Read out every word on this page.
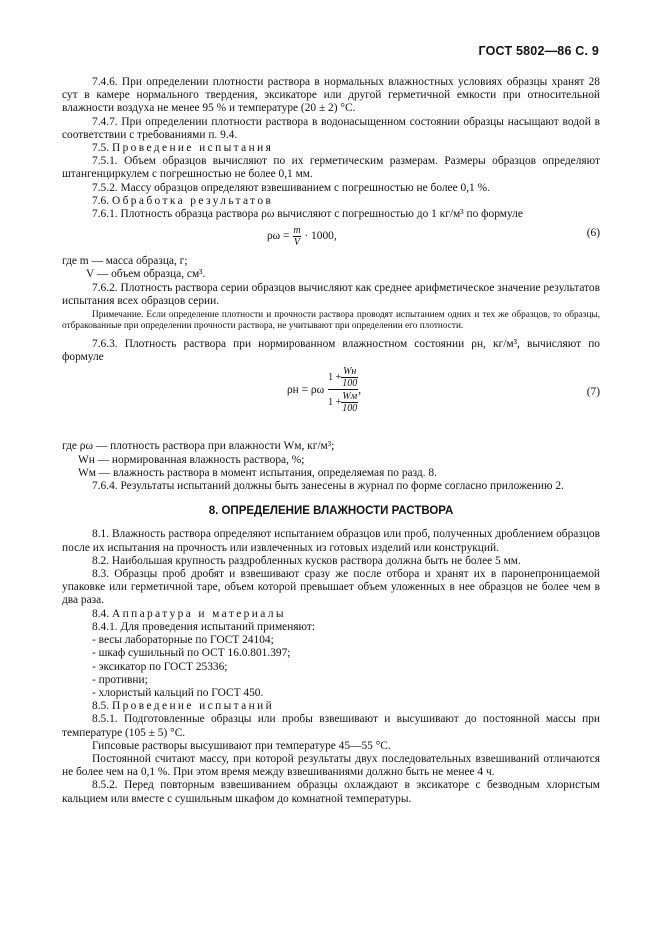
ГОСТ 5802—86 С. 9

7.4.6. При определении плотности раствора в нормальных влажностных условиях образцы хранят 28 сут в камере нормального твердения, эксикаторе или другой герметичной емкости при относительной влажности воздуха не менее 95 % и температуре (20 ± 2) °С.

7.4.7. При определении плотности раствора в водонасыщенном состоянии образцы насыщают водой в соответствии с требованиями п. 9.4.

7.5. Проведение испытания

7.5.1. Объем образцов вычисляют по их герметическим размерам. Размеры образцов определяют штангенциркулем с погрешностью не более 0,1 мм.

7.5.2. Массу образцов определяют взвешиванием с погрешностью не более 0,1 %.

7.6. Обработка результатов

7.6.1. Плотность образца раствора ρω вычисляют с погрешностью до 1 кг/м³ по формуле

$\rho\omega = \frac{m}{V} \cdot 1000$,	(6)

где m — масса образца, г;

V — объем образца, см³.

7.6.2. Плотность раствора серии образцов вычисляют как среднее арифметическое значение результатов испытания всех образцов серии.

Примечание. Если определение плотности и прочности раствора проводят испытанием одних и тех же образцов, то образцы, отбракованные при определении прочности раствора, не учитывают при определении его плотности.

7.6.3. Плотность раствора при нормированном влажностном состоянии ρн, кг/м³, вычисляют по формуле

ρн = ρω
$1 + \frac{Wн}{100}$
$1 + \frac{Wм}{100}$
,	(7)

где ρω — плотность раствора при влажности Wм, кг/м³;

Wн — нормированная влажность раствора, %;

Wм — влажность раствора в момент испытания, определяемая по разд. 8.

7.6.4. Результаты испытаний должны быть занесены в журнал по форме согласно приложению 2.

8. ОПРЕДЕЛЕНИЕ ВЛАЖНОСТИ РАСТВОРА

8.1. Влажность раствора определяют испытанием образцов или проб, полученных дроблением образцов после их испытания на прочность или извлеченных из готовых изделий или конструкций.

8.2. Наибольшая крупность раздробленных кусков раствора должна быть не более 5 мм.

8.3. Образцы проб дробят и взвешивают сразу же после отбора и хранят их в паронепроницаемой упаковке или герметичной таре, объем которой превышает объем уложенных в нее образцов не более чем в два раза.

8.4. Аппаратура и материалы

8.4.1. Для проведения испытаний применяют:

- весы лабораторные по ГОСТ 24104;

- шкаф сушильный по ОСТ 16.0.801.397;

- эксикатор по ГОСТ 25336;

- противни;

- хлористый кальций по ГОСТ 450.

8.5. Проведение испытаний

8.5.1. Подготовленные образцы или пробы взвешивают и высушивают до постоянной массы при температуре (105 ± 5) °С.

Гипсовые растворы высушивают при температуре 45—55 °С.

Постоянной считают массу, при которой результаты двух последовательных взвешиваний отличаются не более чем на 0,1 %. При этом время между взвешиваниями должно быть не менее 4 ч.

8.5.2. Перед повторным взвешиванием образцы охлаждают в эксикаторе с безводным хлористым кальцием или вместе с сушильным шкафом до комнатной температуры.
